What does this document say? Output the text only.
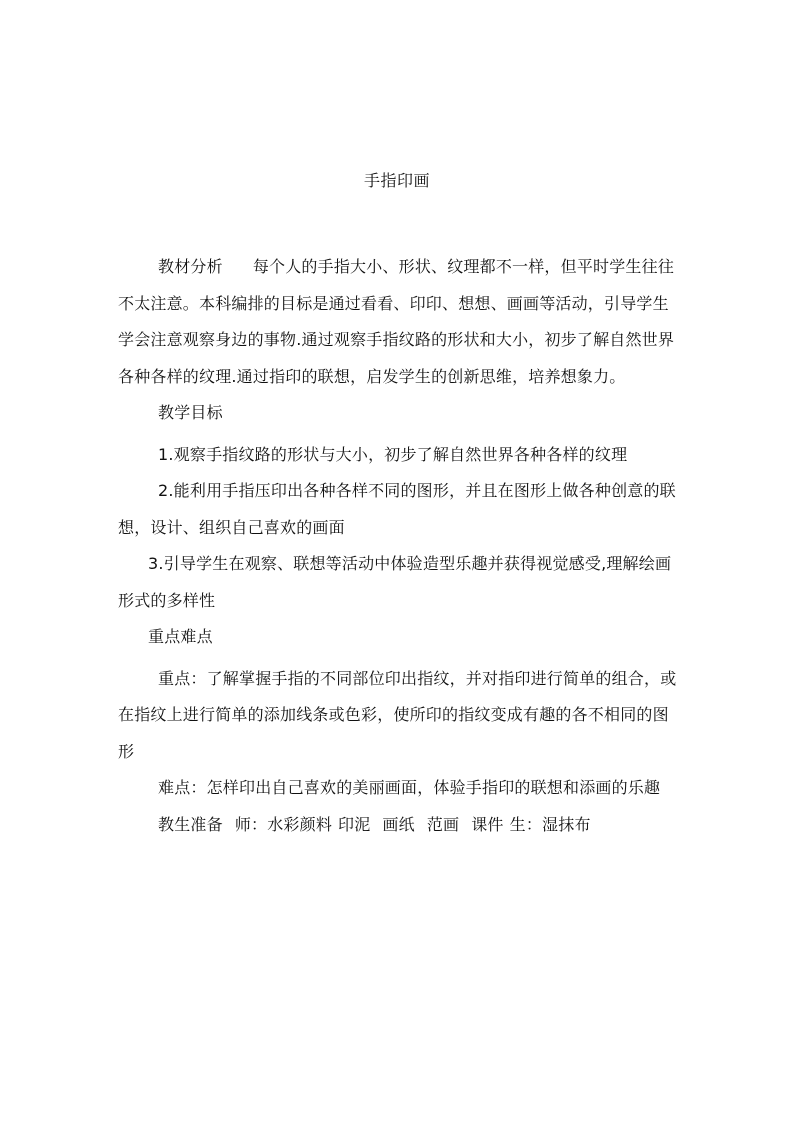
手指印画

教材分析 每个人的手指大小、形状、纹理都不一样，但平时学生往往不太注意。本科编排的目标是通过看看、印印、想想、画画等活动，引导学生学会注意观察身边的事物.通过观察手指纹路的形状和大小，初步了解自然世界各种各样的纹理.通过指印的联想，启发学生的创新思维，培养想象力。

教学目标

1.观察手指纹路的形状与大小，初步了解自然世界各种各样的纹理

2.能利用手指压印出各种各样不同的图形，并且在图形上做各种创意的联想，设计、组织自己喜欢的画面

3.引导学生在观察、联想等活动中体验造型乐趣并获得视觉感受,理解绘画形式的多样性

重点难点

重点：了解掌握手指的不同部位印出指纹，并对指印进行简单的组合，或在指纹上进行简单的添加线条或色彩，使所印的指纹变成有趣的各不相同的图形

难点：怎样印出自己喜欢的美丽画面，体验手指印的联想和添画的乐趣

教生准备 师：水彩颜料 印泥 画纸 范画 课件 生：湿抹布
